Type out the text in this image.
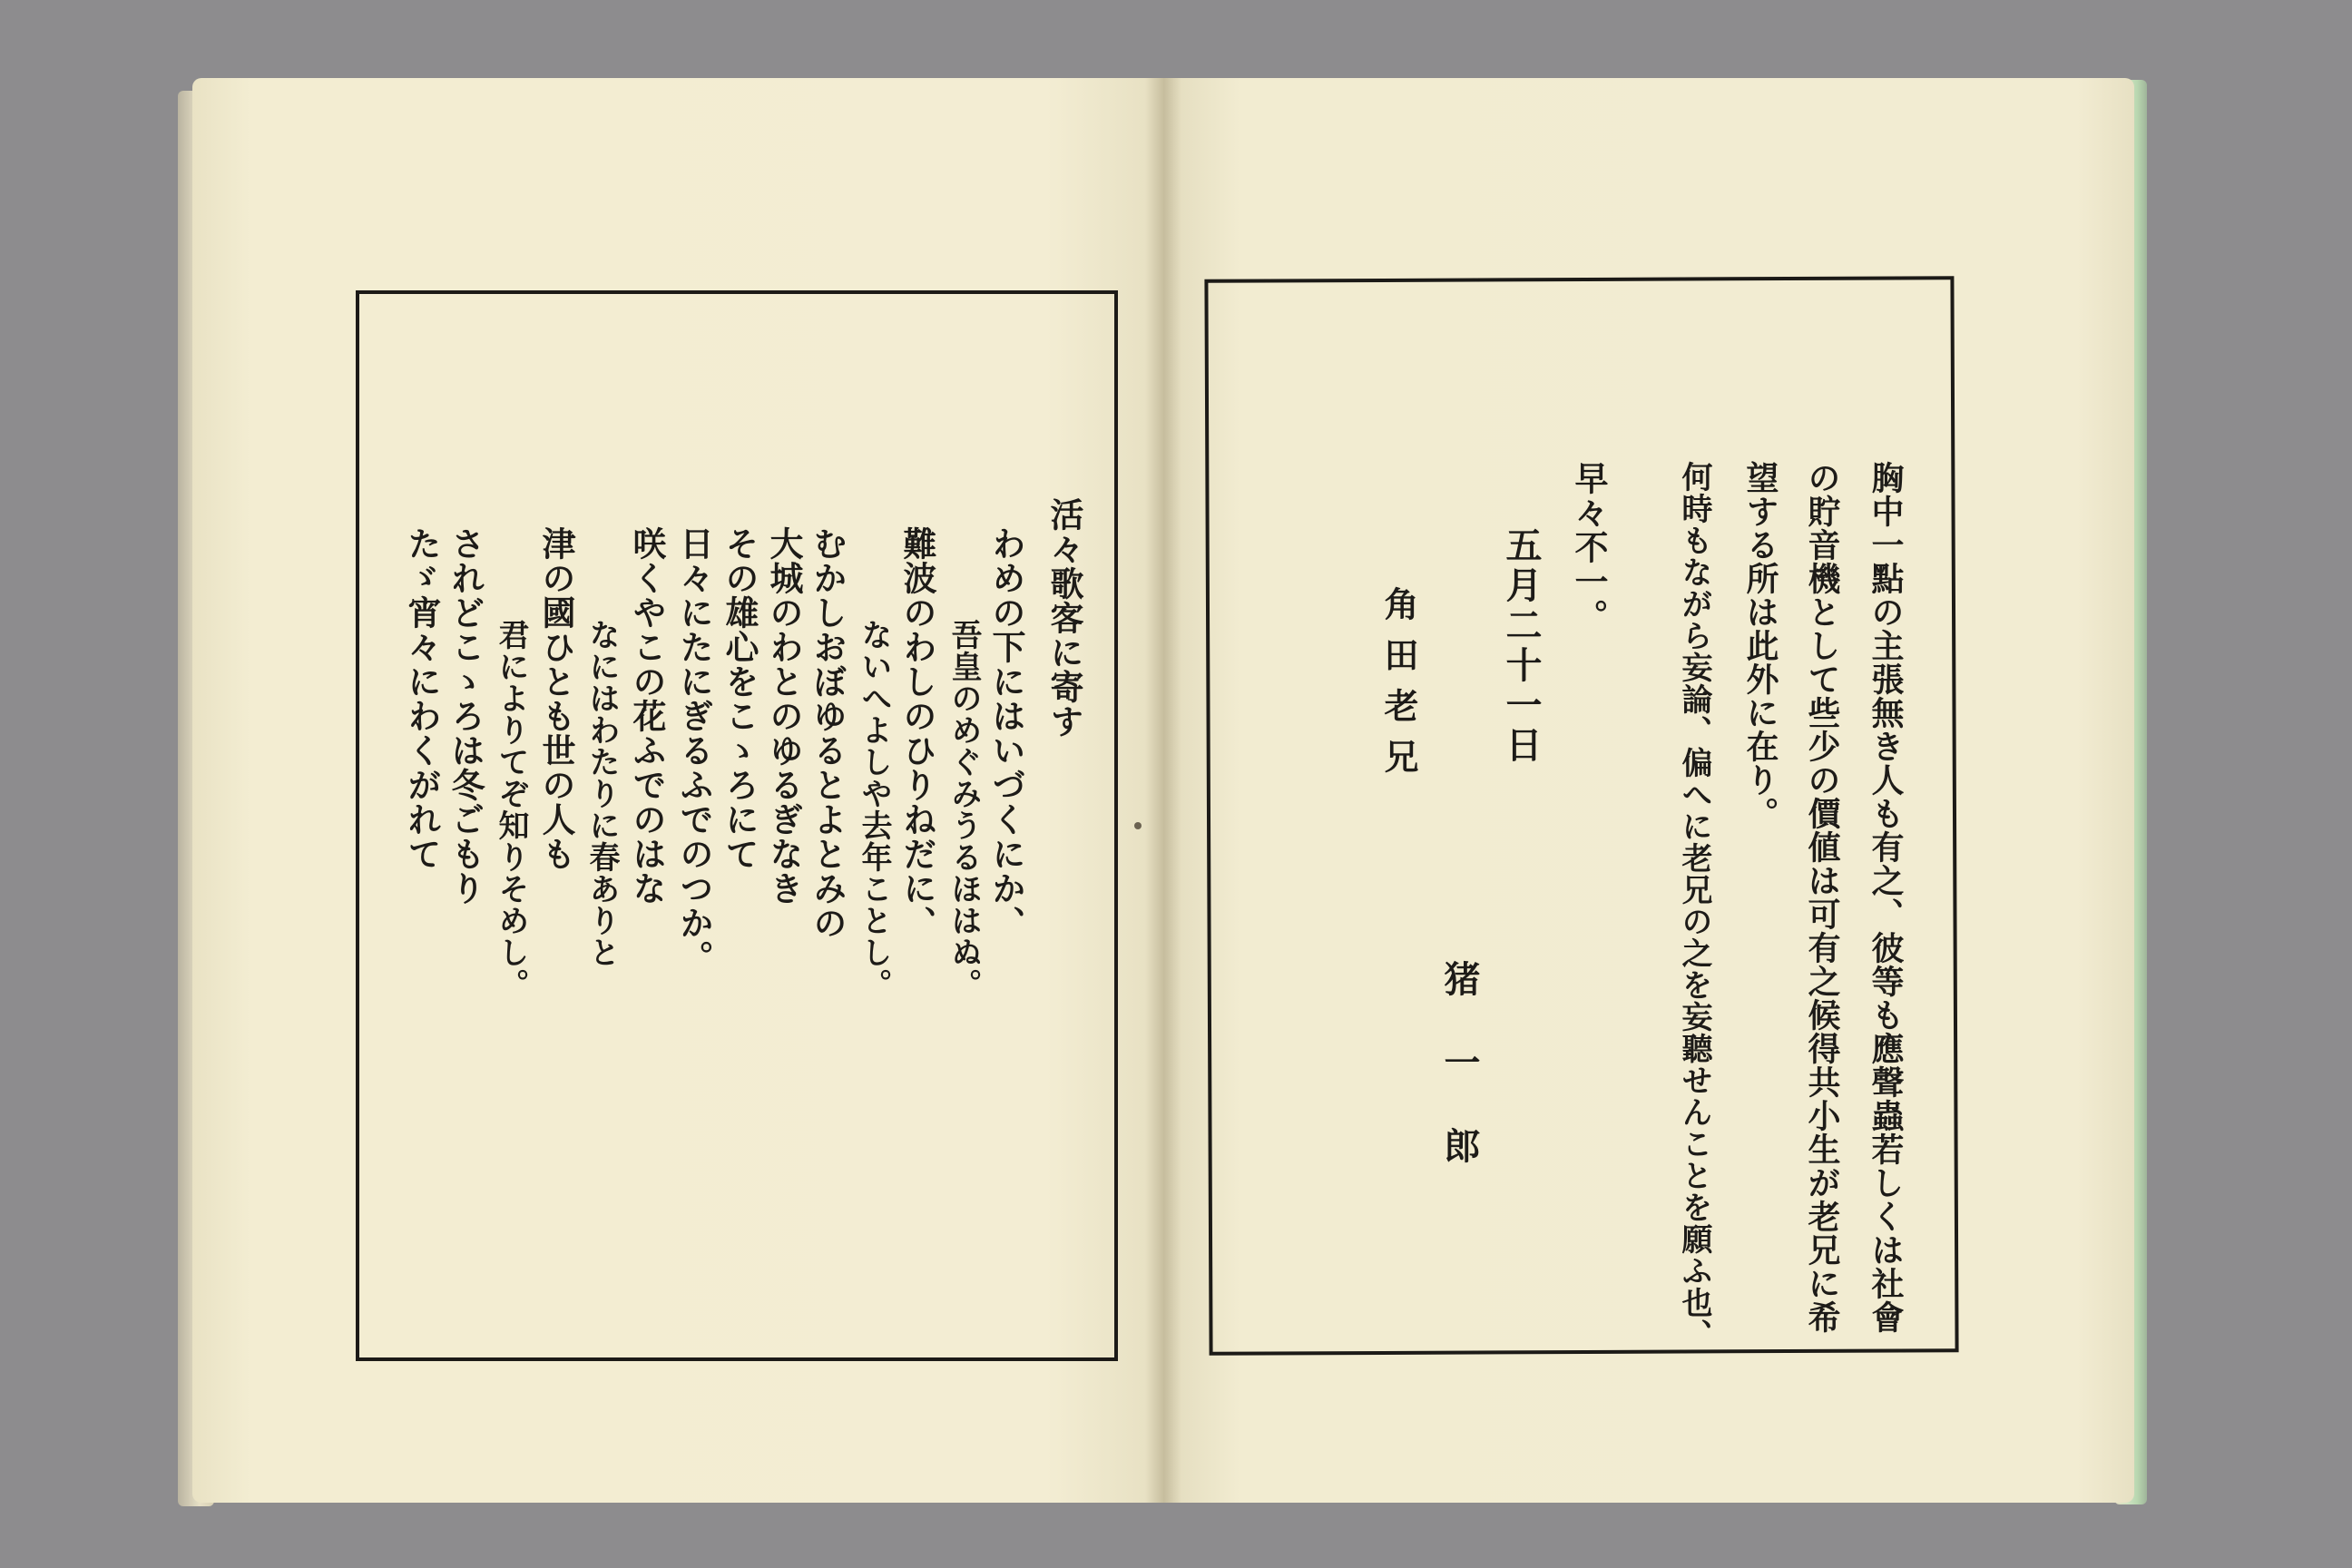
活々歌客に寄す
わめの下にはいづくにか、
吾皇のめぐみうるほはぬ。
難波のわしのひりねだに、
ないへよしや去年ことし。
むかしおぼゆるとよとみの
大城のわとのゆるぎなき
その雄心をこゝろにて
日々にたにぎるふでのつか。
咲くやこの花ふでのはな
なにはわたりに春ありと
津の國ひとも世の人も
君によりてぞ知りそめし。
されどこゝろは冬ごもり
たゞ宵々にわくがれて	胸中一點の主張無き人も有之、彼等も應聲蟲若しくは社會
の貯音機として些少の價値は可有之候得共小生が老兄に希
望する所は此外に在り。
何時もながら妄論、偏へに老兄の之を妄聽せんことを願ふ也、
早々不一。
五月二十一日
角田老兄
猪一郎
